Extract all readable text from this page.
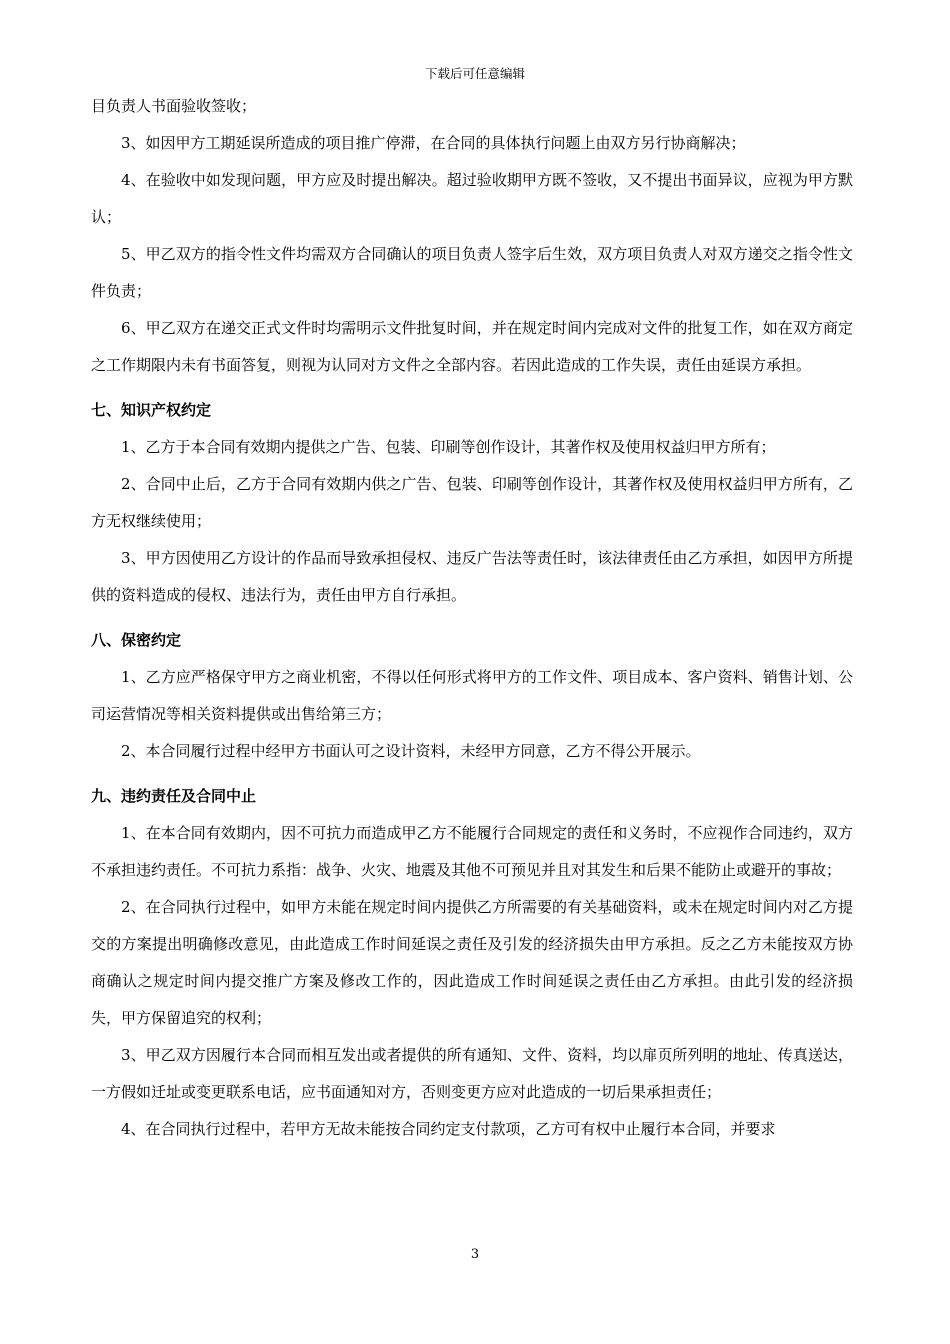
下载后可任意编辑

目负责人书面验收签收；

3、如因甲方工期延误所造成的项目推广停滞，在合同的具体执行问题上由双方另行协商解决；

4、在验收中如发现问题，甲方应及时提出解决。超过验收期甲方既不签收，又不提出书面异议，应视为甲方默认；

5、甲乙双方的指令性文件均需双方合同确认的项目负责人签字后生效，双方项目负责人对双方递交之指令性文件负责；

6、甲乙双方在递交正式文件时均需明示文件批复时间，并在规定时间内完成对文件的批复工作，如在双方商定之工作期限内未有书面答复，则视为认同对方文件之全部内容。若因此造成的工作失误，责任由延误方承担。

七、知识产权约定

1、乙方于本合同有效期内提供之广告、包装、印刷等创作设计，其著作权及使用权益归甲方所有；

2、合同中止后，乙方于合同有效期内供之广告、包装、印刷等创作设计，其著作权及使用权益归甲方所有，乙方无权继续使用；

3、甲方因使用乙方设计的作品而导致承担侵权、违反广告法等责任时，该法律责任由乙方承担，如因甲方所提供的资料造成的侵权、违法行为，责任由甲方自行承担。

八、保密约定

1、乙方应严格保守甲方之商业机密，不得以任何形式将甲方的工作文件、项目成本、客户资料、销售计划、公司运营情况等相关资料提供或出售给第三方；

2、本合同履行过程中经甲方书面认可之设计资料，未经甲方同意，乙方不得公开展示。

九、违约责任及合同中止

1、在本合同有效期内，因不可抗力而造成甲乙方不能履行合同规定的责任和义务时，不应视作合同违约，双方不承担违约责任。不可抗力系指：战争、火灾、地震及其他不可预见并且对其发生和后果不能防止或避开的事故；

2、在合同执行过程中，如甲方未能在规定时间内提供乙方所需要的有关基础资料，或未在规定时间内对乙方提交的方案提出明确修改意见，由此造成工作时间延误之责任及引发的经济损失由甲方承担。反之乙方未能按双方协商确认之规定时间内提交推广方案及修改工作的，因此造成工作时间延误之责任由乙方承担。由此引发的经济损失，甲方保留追究的权利；

3、甲乙双方因履行本合同而相互发出或者提供的所有通知、文件、资料，均以扉页所列明的地址、传真送达，一方假如迁址或变更联系电话，应书面通知对方，否则变更方应对此造成的一切后果承担责任；

4、在合同执行过程中，若甲方无故未能按合同约定支付款项，乙方可有权中止履行本合同，并要求

3
